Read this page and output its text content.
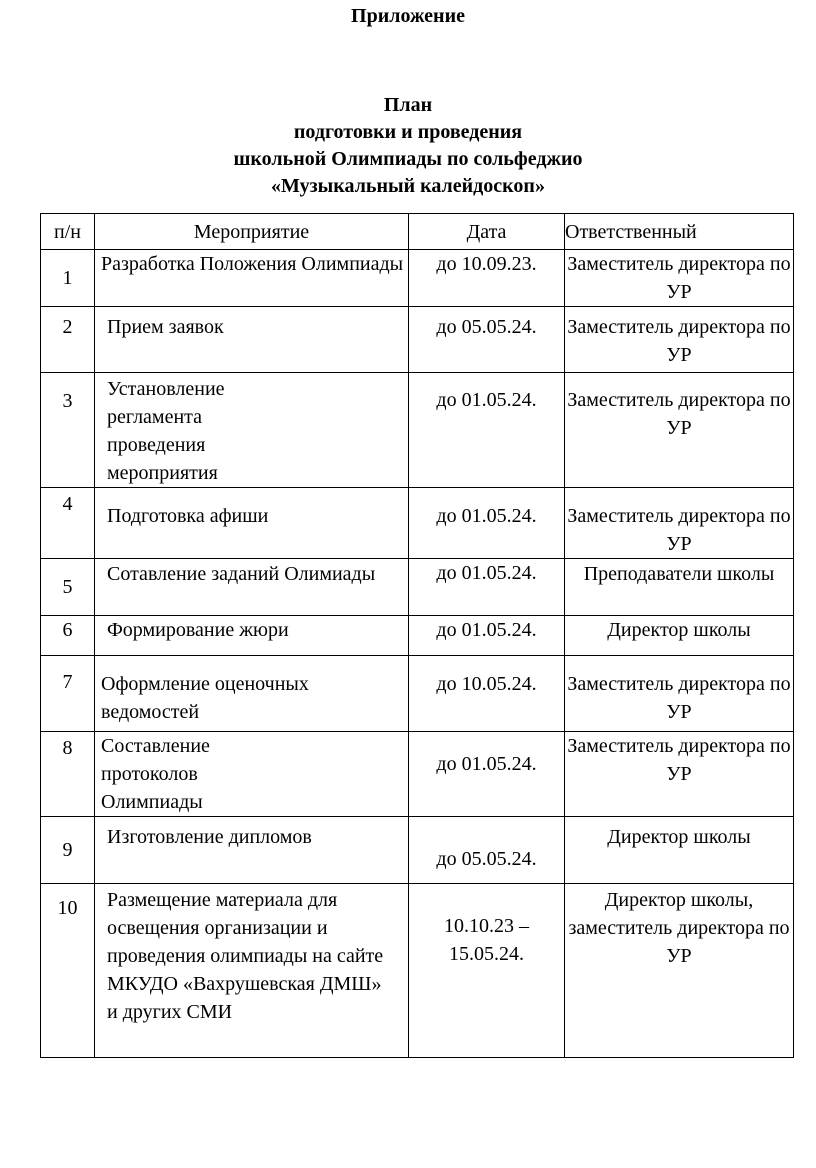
Приложение
План
подготовки и проведения
школьной Олимпиады по сольфеджио
«Музыкальный калейдоскоп»
п/н	Мероприятие	Дата	Ответственный
1	Разработка Положения Олимпиады	до 10.09.23.	Заместитель директора по УР
2	Прием заявок	до 05.05.24.	Заместитель директора по УР
3	Установление регламента проведения мероприятия	до 01.05.24.	Заместитель директора по УР
4	Подготовка афиши	до 01.05.24.	Заместитель директора по УР
5	Сотавление заданий Олимиады	до 01.05.24.	Преподаватели школы
6	Формирование жюри	до 01.05.24.	Директор школы
7	Оформление оценочных ведомостей	до 10.05.24.	Заместитель директора по УР
8	Составление протоколов Олимпиады	до 01.05.24.	Заместитель директора по УР
9	Изготовление дипломов	до 05.05.24.	Директор школы
10	Размещение материала для освещения организации и проведения олимпиады на сайте МКУДО «Вахрушевская ДМШ» и других СМИ	10.10.23 – 15.05.24.	Директор школы, заместитель директора по УР
